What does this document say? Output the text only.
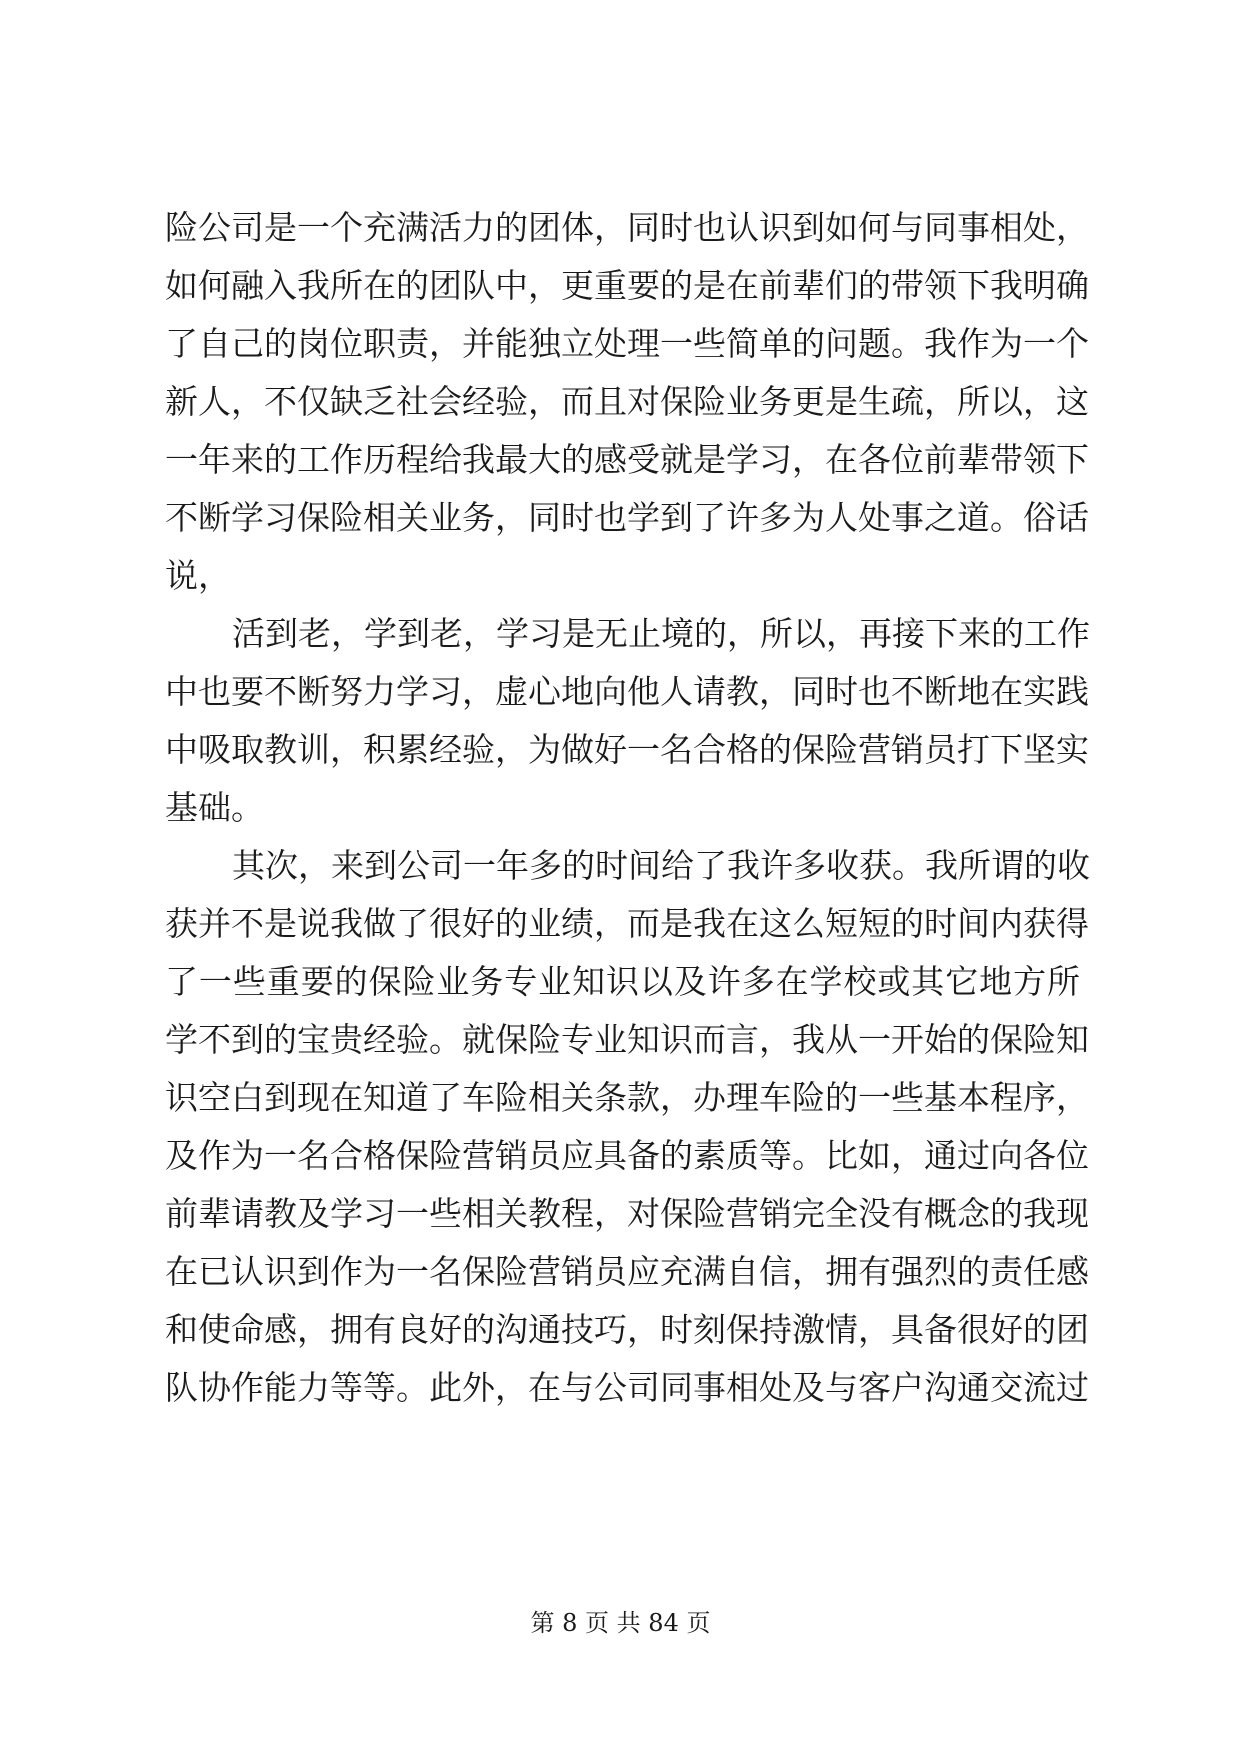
险公司是一个充满活力的团体，同时也认识到如何与同事相处，
如何融入我所在的团队中，更重要的是在前辈们的带领下我明确
了自己的岗位职责，并能独立处理一些简单的问题。我作为一个
新人，不仅缺乏社会经验，而且对保险业务更是生疏，所以，这
一年来的工作历程给我最大的感受就是学习，在各位前辈带领下
不断学习保险相关业务，同时也学到了许多为人处事之道。俗话
说，
活到老，学到老，学习是无止境的，所以，再接下来的工作
中也要不断努力学习，虚心地向他人请教，同时也不断地在实践
中吸取教训，积累经验，为做好一名合格的保险营销员打下坚实
基础。
其次，来到公司一年多的时间给了我许多收获。我所谓的收
获并不是说我做了很好的业绩，而是我在这么短短的时间内获得
了一些重要的保险业务专业知识以及许多在学校或其它地方所
学不到的宝贵经验。就保险专业知识而言，我从一开始的保险知
识空白到现在知道了车险相关条款，办理车险的一些基本程序，
及作为一名合格保险营销员应具备的素质等。比如，通过向各位
前辈请教及学习一些相关教程，对保险营销完全没有概念的我现
在已认识到作为一名保险营销员应充满自信，拥有强烈的责任感
和使命感，拥有良好的沟通技巧，时刻保持激情，具备很好的团
队协作能力等等。此外，在与公司同事相处及与客户沟通交流过
第 8 页 共 84 页
